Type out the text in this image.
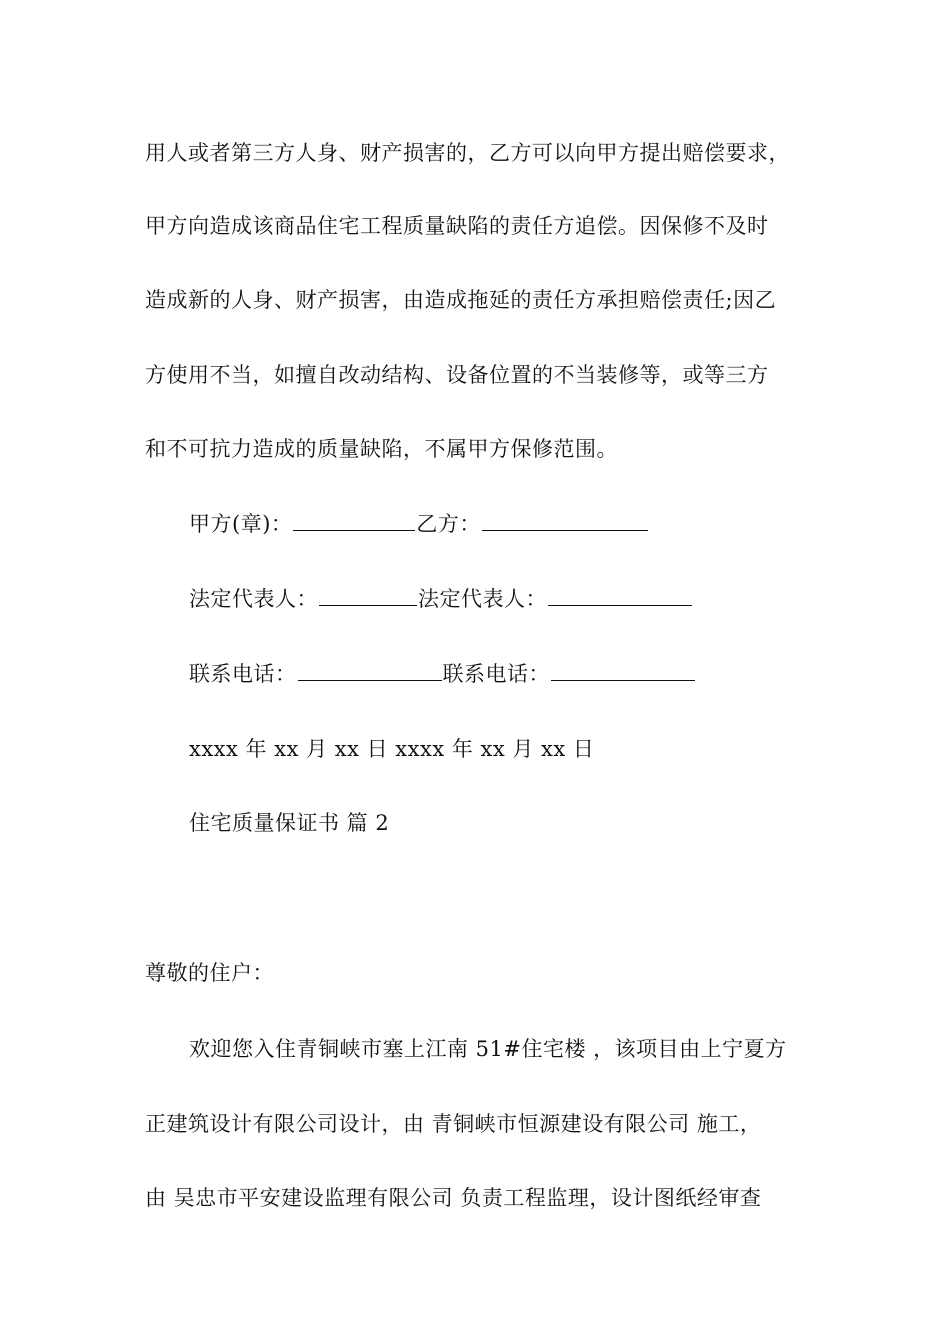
用人或者第三方人身、财产损害的，乙方可以向甲方提出赔偿要求，
甲方向造成该商品住宅工程质量缺陷的责任方追偿。因保修不及时
造成新的人身、财产损害，由造成拖延的责任方承担赔偿责任;因乙
方使用不当，如擅自改动结构、设备位置的不当装修等，或等三方
和不可抗力造成的质量缺陷，不属甲方保修范围。
甲方(章)：	乙方：
法定代表人：	法定代表人：
联系电话：	联系电话：
xxxx 年 xx 月 xx 日 xxxx 年 xx 月 xx 日
住宅质量保证书 篇 2
尊敬的住户：
欢迎您入住青铜峡市塞上江南 51#住宅楼 ，该项目由上宁夏方
正建筑设计有限公司设计，由 青铜峡市恒源建设有限公司 施工，
由 吴忠市平安建设监理有限公司 负责工程监理，设计图纸经审查
